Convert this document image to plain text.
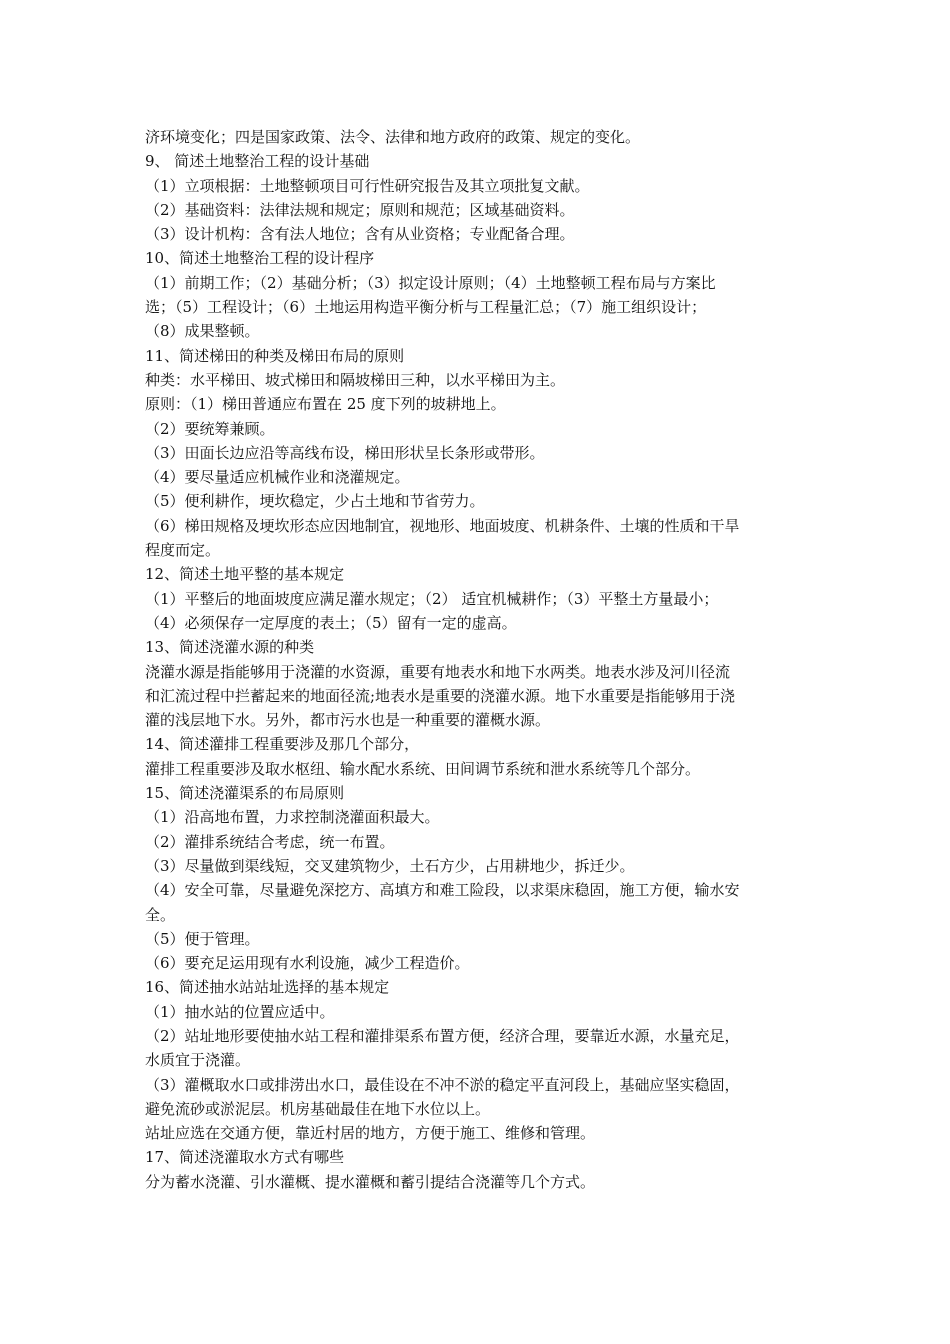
济环境变化；四是国家政策、法令、法律和地方政府的政策、规定的变化。
9、 简述土地整治工程的设计基础
（1）立项根据：土地整顿项目可行性研究报告及其立项批复文献。
（2）基础资料：法律法规和规定；原则和规范；区域基础资料。
（3）设计机构：含有法人地位；含有从业资格；专业配备合理。
10、简述土地整治工程的设计程序
（1）前期工作；（2）基础分析；（3）拟定设计原则；（4）土地整顿工程布局与方案比
选；（5）工程设计；（6）土地运用构造平衡分析与工程量汇总；（7）施工组织设计；
（8）成果整顿。
11、简述梯田的种类及梯田布局的原则
种类：水平梯田、坡式梯田和隔坡梯田三种，以水平梯田为主。
原则：（1）梯田普通应布置在 25 度下列的坡耕地上。
（2）要统筹兼顾。
（3）田面长边应沿等高线布设，梯田形状呈长条形或带形。
（4）要尽量适应机械作业和浇灌规定。
（5）便利耕作，埂坎稳定，少占土地和节省劳力。
（6）梯田规格及埂坎形态应因地制宜，视地形、地面坡度、机耕条件、土壤的性质和干旱
程度而定。
12、简述土地平整的基本规定
（1）平整后的地面坡度应满足灌水规定；（2） 适宜机械耕作；（3）平整土方量最小；
（4）必须保存一定厚度的表土；（5）留有一定的虚高。
13、简述浇灌水源的种类
浇灌水源是指能够用于浇灌的水资源，重要有地表水和地下水两类。地表水涉及河川径流
和汇流过程中拦蓄起来的地面径流;地表水是重要的浇灌水源。地下水重要是指能够用于浇
灌的浅层地下水。另外，都市污水也是一种重要的灌概水源。
14、简述灌排工程重要涉及那几个部分，
灌排工程重要涉及取水枢纽、输水配水系统、田间调节系统和泄水系统等几个部分。
15、简述浇灌渠系的布局原则
（1）沿高地布置，力求控制浇灌面积最大。
（2）灌排系统结合考虑，统一布置。
（3）尽量做到渠线短，交叉建筑物少，土石方少，占用耕地少，拆迁少。
（4）安全可靠，尽量避免深挖方、高填方和难工险段，以求渠床稳固，施工方便，输水安
全。
（5）便于管理。
（6）要充足运用现有水利设施，减少工程造价。
16、简述抽水站站址选择的基本规定
（1）抽水站的位置应适中。
（2）站址地形要使抽水站工程和灌排渠系布置方便，经济合理，要靠近水源，水量充足，
水质宜于浇灌。
（3）灌概取水口或排涝出水口，最佳设在不冲不淤的稳定平直河段上，基础应坚实稳固，
避免流砂或淤泥层。机房基础最佳在地下水位以上。
站址应选在交通方便，靠近村居的地方，方便于施工、维修和管理。
17、简述浇灌取水方式有哪些
分为蓄水浇灌、引水灌概、提水灌概和蓄引提结合浇灌等几个方式。
